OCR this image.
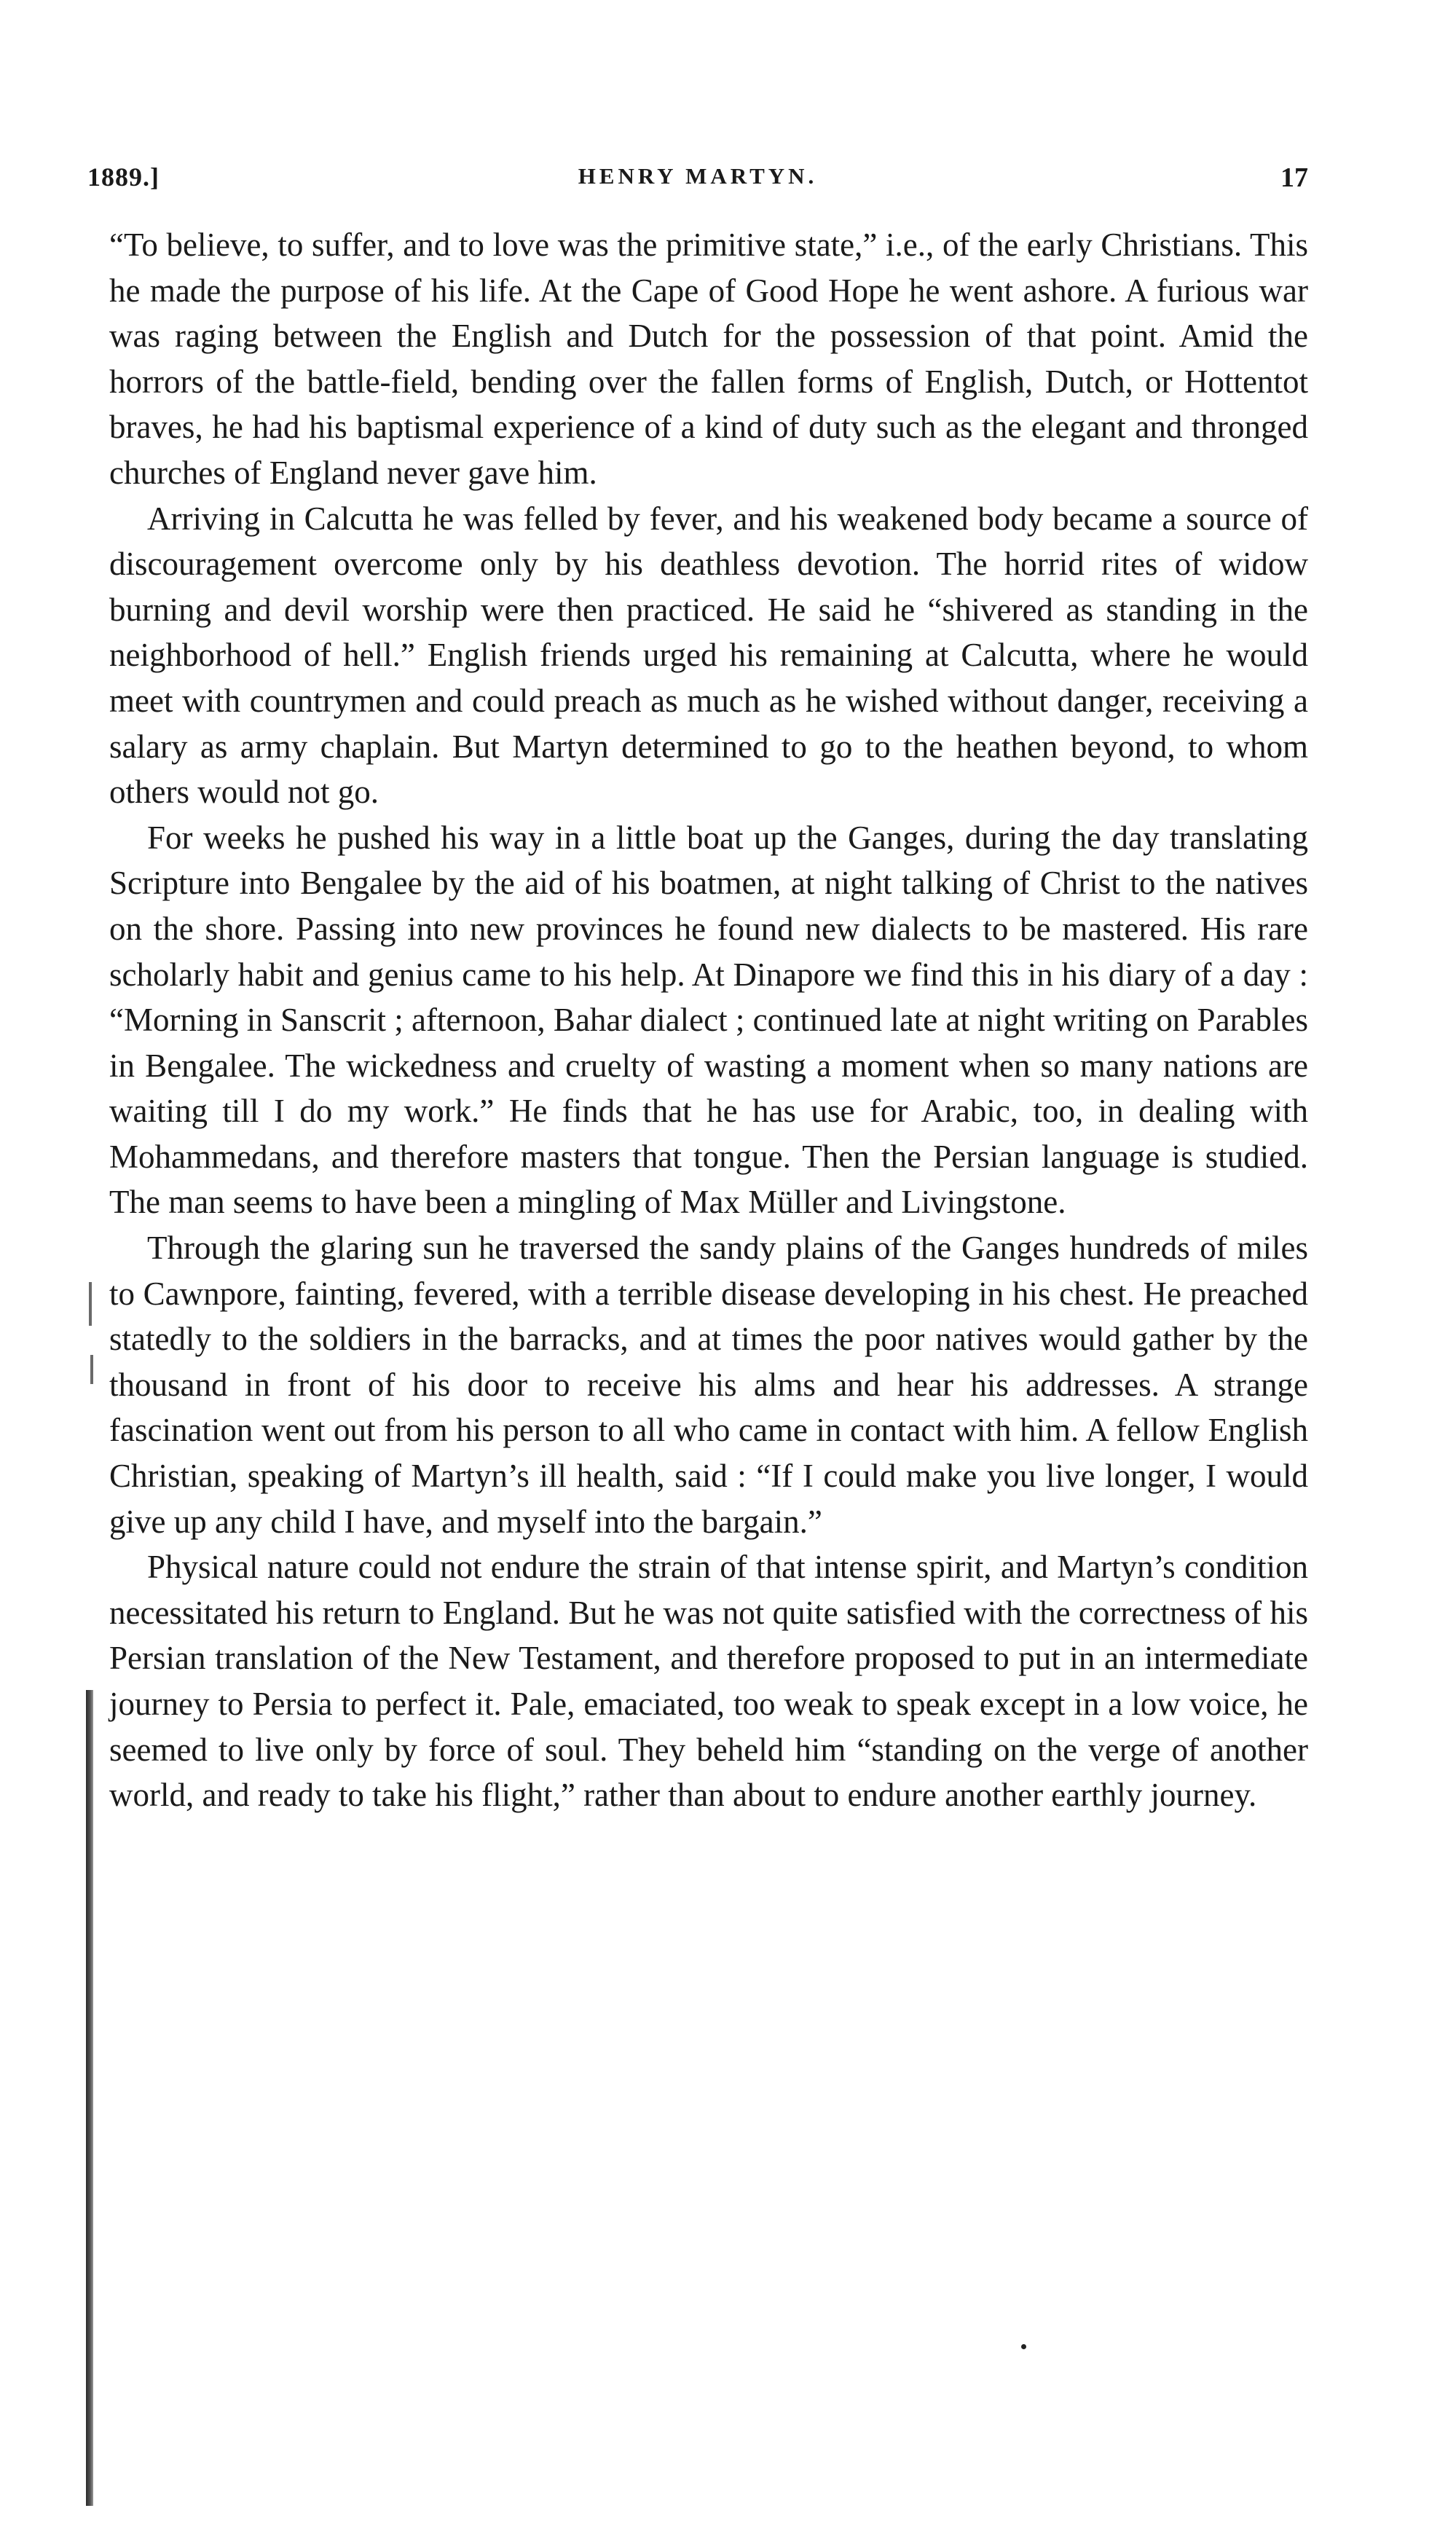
1889.]	HENRY MARTYN.	17

“To believe, to suffer, and to love was the primitive state,” i.e., of the early Christians. This he made the purpose of his life. At the Cape of Good Hope he went ashore. A furious war was raging between the English and Dutch for the possession of that point. Amid the horrors of the battle-field, bending over the fallen forms of English, Dutch, or Hottentot braves, he had his baptismal experience of a kind of duty such as the elegant and thronged churches of England never gave him.

Arriving in Calcutta he was felled by fever, and his weakened body became a source of discouragement overcome only by his deathless devotion. The horrid rites of widow burning and devil worship were then practiced. He said he “shivered as standing in the neighborhood of hell.” English friends urged his remaining at Calcutta, where he would meet with countrymen and could preach as much as he wished without danger, receiving a salary as army chaplain. But Martyn determined to go to the heathen beyond, to whom others would not go.

For weeks he pushed his way in a little boat up the Ganges, during the day translating Scripture into Bengalee by the aid of his boatmen, at night talking of Christ to the natives on the shore. Passing into new provinces he found new dialects to be mastered. His rare scholarly habit and genius came to his help. At Dinapore we find this in his diary of a day : “Morning in Sanscrit ; afternoon, Bahar dialect ; continued late at night writing on Parables in Bengalee. The wickedness and cruelty of wasting a moment when so many nations are waiting till I do my work.” He finds that he has use for Arabic, too, in dealing with Mohammedans, and therefore masters that tongue. Then the Persian language is studied. The man seems to have been a mingling of Max Müller and Livingstone.

Through the glaring sun he traversed the sandy plains of the Ganges hundreds of miles to Cawnpore, fainting, fevered, with a terrible disease developing in his chest. He preached statedly to the soldiers in the barracks, and at times the poor natives would gather by the thousand in front of his door to receive his alms and hear his addresses. A strange fascination went out from his person to all who came in contact with him. A fellow English Christian, speaking of Martyn’s ill health, said : “If I could make you live longer, I would give up any child I have, and myself into the bargain.”

Physical nature could not endure the strain of that intense spirit, and Martyn’s condition necessitated his return to England. But he was not quite satisfied with the correctness of his Persian translation of the New Testament, and therefore proposed to put in an intermediate journey to Persia to perfect it. Pale, emaciated, too weak to speak except in a low voice, he seemed to live only by force of soul. They beheld him “standing on the verge of another world, and ready to take his flight,” rather than about to endure another earthly journey.
